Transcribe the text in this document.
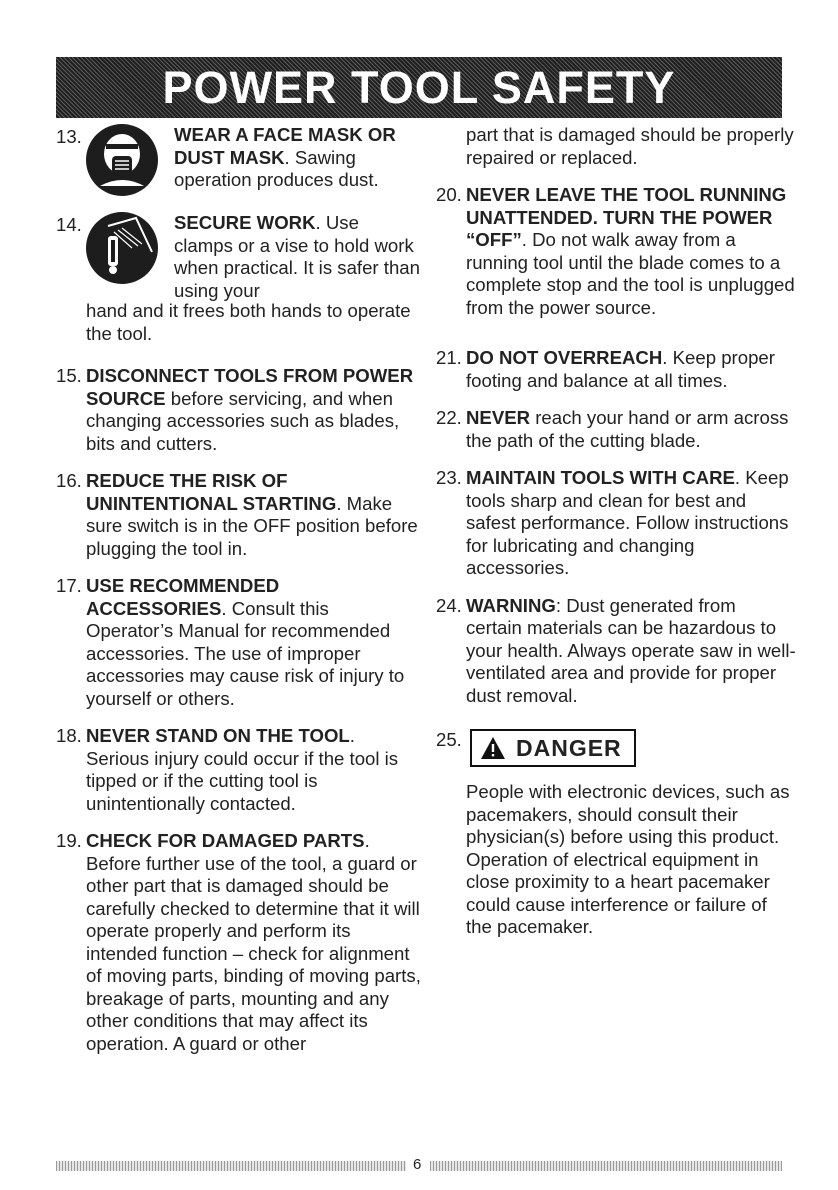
POWER TOOL SAFETY
13.	WEAR A FACE MASK OR DUST MASK. Sawing operation produces dust.
14.	SECURE WORK. Use clamps or a vise to hold work when practical. It is safer than using your
hand and it frees both hands to operate the tool.
15. DISCONNECT TOOLS FROM POWER SOURCE before servicing, and when changing accessories such as blades, bits and cutters.
16. REDUCE THE RISK OF UNINTENTIONAL STARTING. Make sure switch is in the OFF position before plugging the tool in.
17. USE RECOMMENDED ACCESSORIES. Consult this Operator’s Manual for recommended accessories. The use of improper accessories may cause risk of injury to yourself or others.
18. NEVER STAND ON THE TOOL. Serious injury could occur if the tool is tipped or if the cutting tool is unintentionally contacted.
19. CHECK FOR DAMAGED PARTS. Before further use of the tool, a guard or other part that is damaged should be carefully checked to determine that it will operate properly and perform its intended function – check for alignment of moving parts, binding of moving parts, breakage of parts, mounting and any other conditions that may affect its operation. A guard or other
part that is damaged should be properly repaired or replaced.
20. NEVER LEAVE THE TOOL RUNNING UNATTENDED. TURN THE POWER “OFF”. Do not walk away from a running tool until the blade comes to a complete stop and the tool is unplugged from the power source.
21. DO NOT OVERREACH. Keep proper footing and balance at all times.
22. NEVER reach your hand or arm across the path of the cutting blade.
23. MAINTAIN TOOLS WITH CARE. Keep tools sharp and clean for best and safest performance. Follow instructions for lubricating and changing accessories.
24. WARNING: Dust generated from certain materials can be hazardous to your health. Always operate saw in well-ventilated area and provide for proper dust removal.
25. DANGER
People with electronic devices, such as pacemakers, should consult their physician(s) before using this product. Operation of electrical equipment in close proximity to a heart pacemaker could cause interference or failure of the pacemaker.
6
